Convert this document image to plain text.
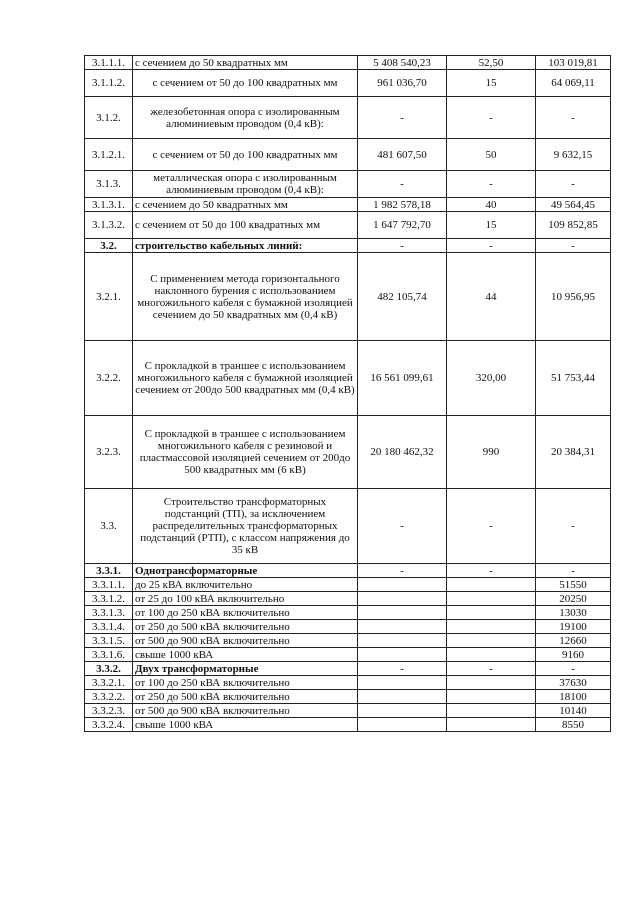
3.1.1.1.	с сечением до 50 квадратных мм	5 408 540,23	52,50	103 019,81
3.1.1.2.	с сечением от 50 до 100 квадратных мм	961 036,70	15	64 069,11
3.1.2.	железобетонная опора с изолированным алюминиевым проводом (0,4 кВ):	-	-	-
3.1.2.1.	с сечением от 50 до 100 квадратных мм	481 607,50	50	9 632,15
3.1.3.	металлическая опора с изолированным алюминиевым проводом (0,4 кВ):	-	-	-
3.1.3.1.	с сечением до 50 квадратных мм	1 982 578,18	40	49 564,45
3.1.3.2.	с сечением от 50 до 100 квадратных мм	1 647 792,70	15	109 852,85
3.2.	строительство кабельных линий:	-	-	-
3.2.1.	С применением метода горизонтального наклонного бурения с использованием многожильного кабеля с бумажной изоляцией сечением до 50 квадратных мм (0,4 кВ)	482 105,74	44	10 956,95
3.2.2.	С прокладкой в траншее с использованием многожильного кабеля с бумажной изоляцией сечением от 200до 500 квадратных мм (0,4 кВ)	16 561 099,61	320,00	51 753,44
3.2.3.	С прокладкой в траншее с использованием многожильного кабеля с резиновой и пластмассовой изоляцией сечением от 200до 500 квадратных мм (6 кВ)	20 180 462,32	990	20 384,31
3.3.	Строительство трансформаторных подстанций (ТП), за исключением распределительных трансформаторных подстанций (РТП), с классом напряжения до 35 кВ	-	-	-
3.3.1.	Однотрансформаторные	-	-	-
3.3.1.1.	до 25 кВА включительно			51550
3.3.1.2.	от 25 до 100 кВА включительно			20250
3.3.1.3.	от 100 до 250 кВА включительно			13030
3.3.1.4.	от 250 до 500 кВА включительно			19100
3.3.1.5.	от 500 до 900 кВА включительно			12660
3.3.1.6.	свыше 1000 кВА			9160
3.3.2.	Двух трансформаторные	-	-	-
3.3.2.1.	от 100 до 250 кВА включительно			37630
3.3.2.2.	от 250 до 500 кВА включительно			18100
3.3.2.3.	от 500 до 900 кВА включительно			10140
3.3.2.4.	свыше 1000 кВА			8550
